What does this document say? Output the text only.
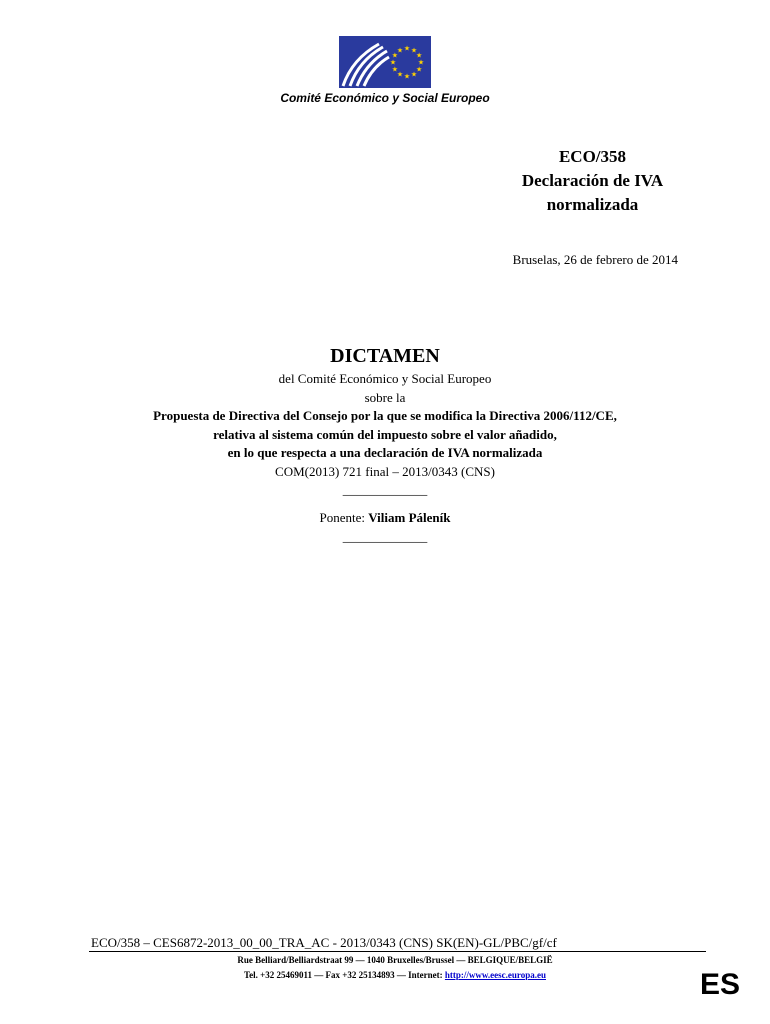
★ ★
★
★
★
★
★
★
★
★
★
★
Comité Económico y Social Europeo
ECO/358
Declaración de IVA
normalizada
Bruselas, 26 de febrero de 2014
DICTAMEN
del Comité Económico y Social Europeo
sobre la
Propuesta de Directiva del Consejo por la que se modifica la Directiva 2006/112/CE,
relativa al sistema común del impuesto sobre el valor añadido,
en lo que respecta a una declaración de IVA normalizada
COM(2013) 721 final – 2013/0343 (CNS)
_____________
Ponente: Viliam Páleník
_____________
ECO/358 – CES6872-2013_00_00_TRA_AC - 2013/0343 (CNS) SK(EN)-GL/PBC/gf/cf
Rue Belliard/Belliardstraat 99 — 1040 Bruxelles/Brussel — BELGIQUE/BELGIË
Tel. +32 25469011 — Fax +32 25134893 — Internet: http://www.eesc.europa.eu	ES
